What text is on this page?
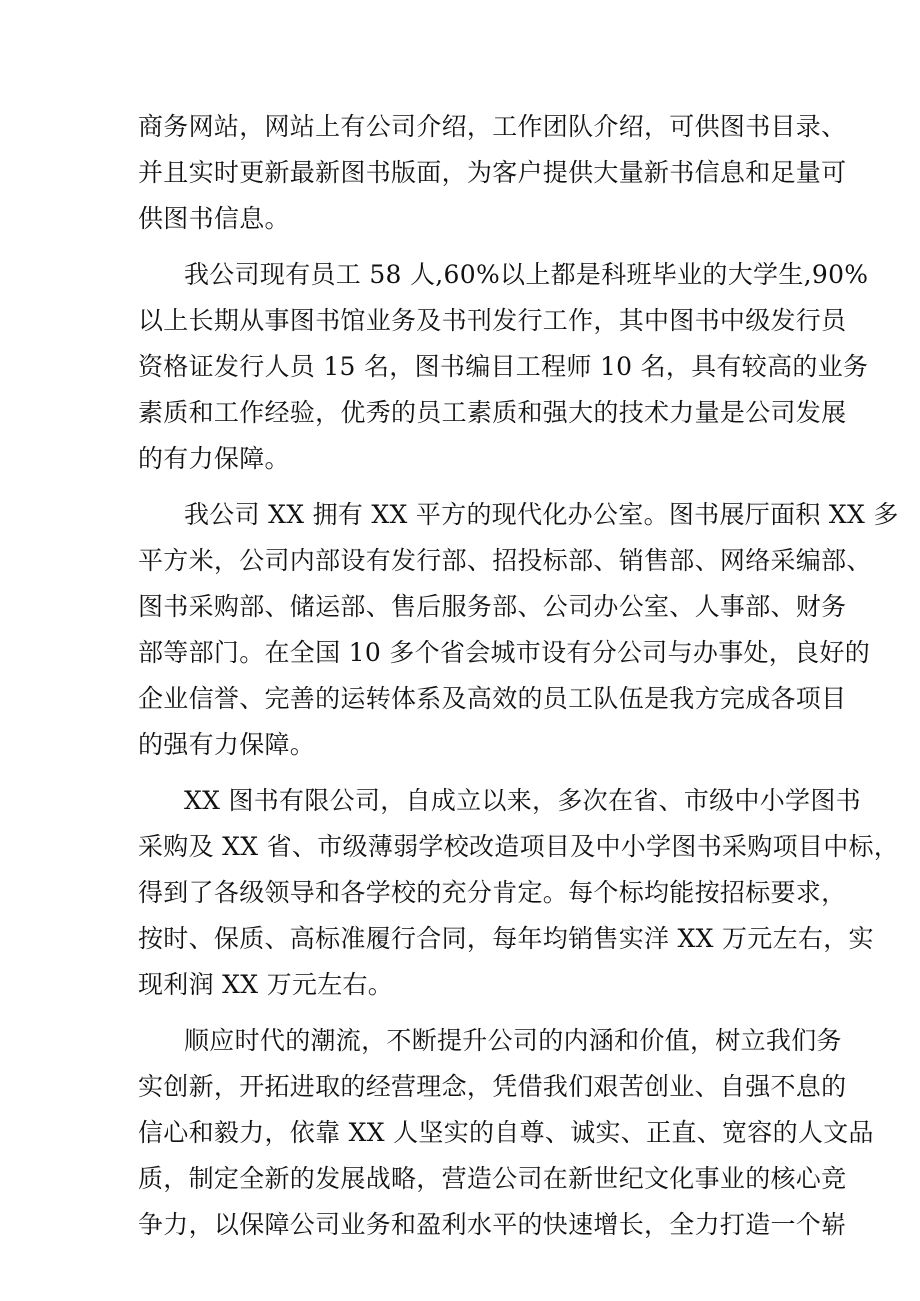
商务网站，网站上有公司介绍，工作团队介绍，可供图书目录、
并且实时更新最新图书版面，为客户提供大量新书信息和足量可
供图书信息。
我公司现有员工 58 人,60%以上都是科班毕业的大学生,90%
以上长期从事图书馆业务及书刊发行工作，其中图书中级发行员
资格证发行人员 15 名，图书编目工程师 10 名，具有较高的业务
素质和工作经验，优秀的员工素质和强大的技术力量是公司发展
的有力保障。
我公司 XX 拥有 XX 平方的现代化办公室。图书展厅面积 XX 多
平方米，公司内部设有发行部、招投标部、销售部、网络采编部、
图书采购部、储运部、售后服务部、公司办公室、人事部、财务
部等部门。在全国 10 多个省会城市设有分公司与办事处，良好的
企业信誉、完善的运转体系及高效的员工队伍是我方完成各项目
的强有力保障。
XX 图书有限公司，自成立以来，多次在省、市级中小学图书
采购及 XX 省、市级薄弱学校改造项目及中小学图书采购项目中标，
得到了各级领导和各学校的充分肯定。每个标均能按招标要求，
按时、保质、高标准履行合同，每年均销售实洋 XX 万元左右，实
现利润 XX 万元左右。
顺应时代的潮流，不断提升公司的内涵和价值，树立我们务
实创新，开拓进取的经营理念，凭借我们艰苦创业、自强不息的
信心和毅力，依靠 XX 人坚实的自尊、诚实、正直、宽容的人文品
质，制定全新的发展战略，营造公司在新世纪文化事业的核心竞
争力，以保障公司业务和盈利水平的快速增长，全力打造一个崭
